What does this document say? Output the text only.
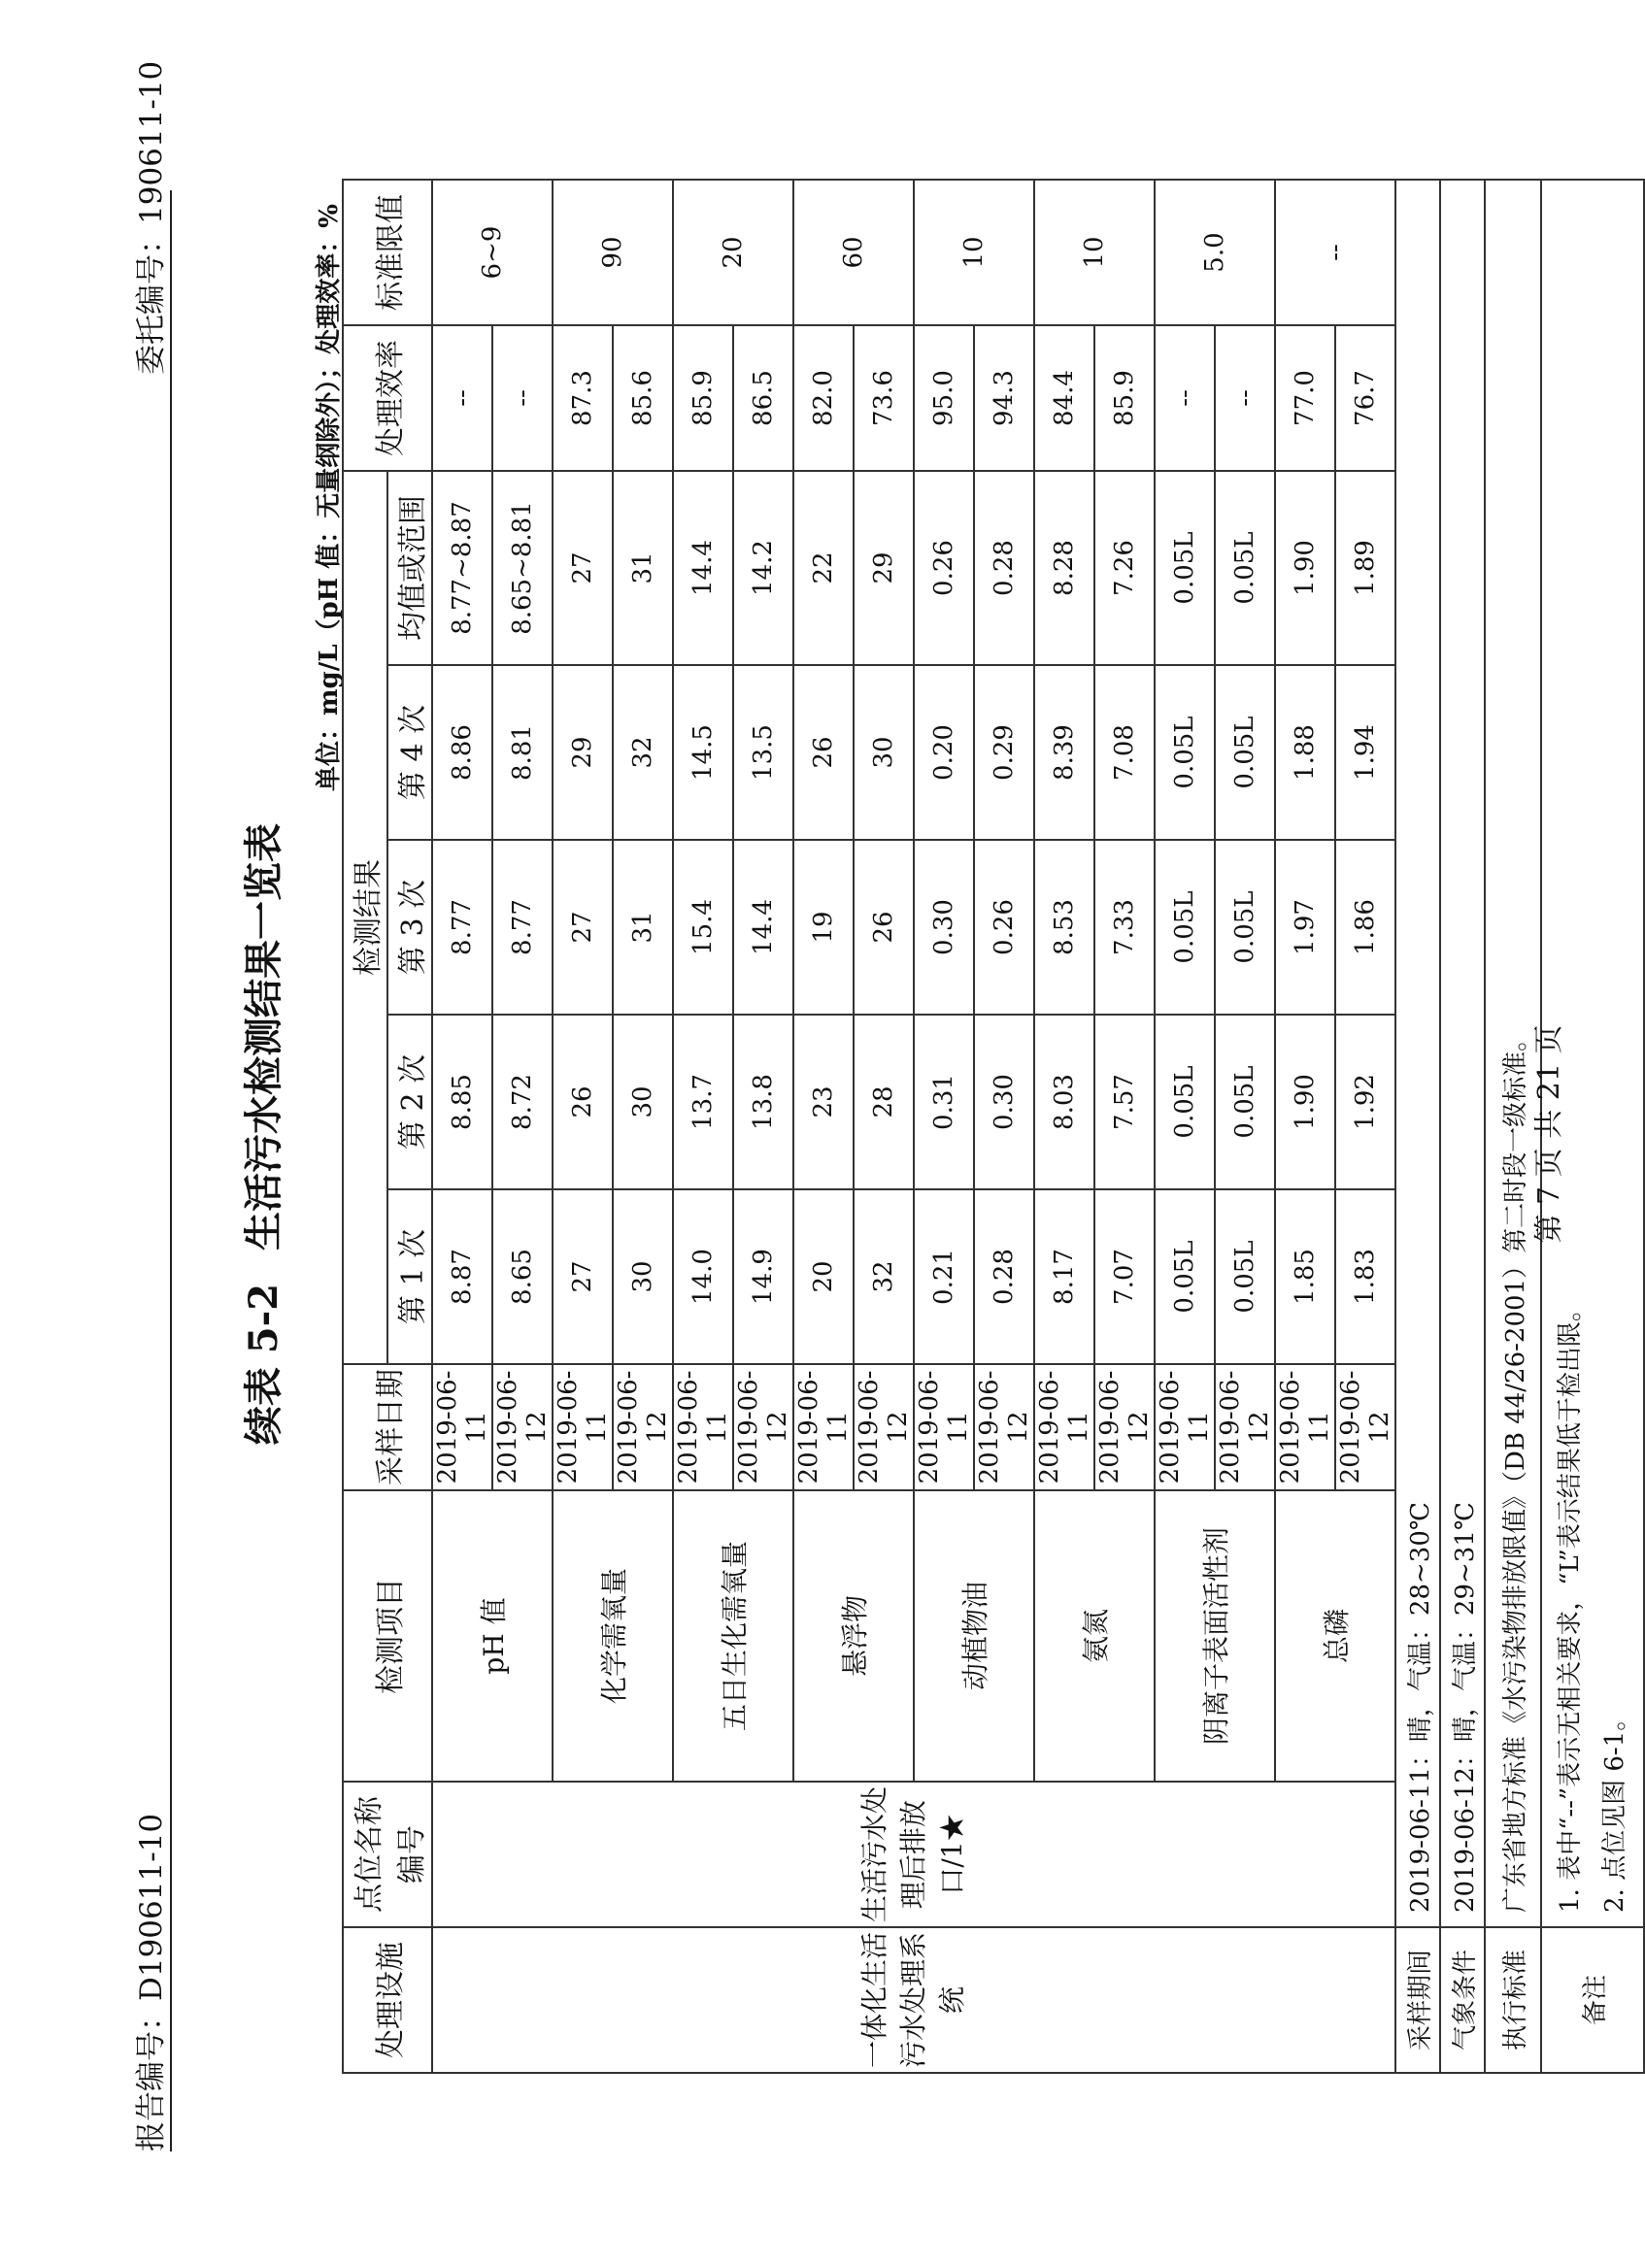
报告编号：D190611-10
委托编号：190611-10
续表 5-2 生活污水检测结果一览表
单位：mg/L（pH 值：无量纲除外）；处理效率：%
处理设施	点位名称编号	检测项目	采样日期	检测结果					处理效率	标准限值
				第 1 次	第 2 次	第 3 次	第 4 次	均值或范围		
一体化生活污水处理系统	生活污水处理后排放口/1★	pH 值	2019-06-11	8.87	8.85	8.77	8.86	8.77~8.87	--	6~9
			2019-06-12	8.65	8.72	8.77	8.81	8.65~8.81	--	
		化学需氧量	2019-06-11	27	26	27	29	27	87.3	90
			2019-06-12	30	30	31	32	31	85.6	
		五日生化需氧量	2019-06-11	14.0	13.7	15.4	14.5	14.4	85.9	20
			2019-06-12	14.9	13.8	14.4	13.5	14.2	86.5	
		悬浮物	2019-06-11	20	23	19	26	22	82.0	60
			2019-06-12	32	28	26	30	29	73.6	
		动植物油	2019-06-11	0.21	0.31	0.30	0.20	0.26	95.0	10
			2019-06-12	0.28	0.30	0.26	0.29	0.28	94.3	
		氨氮	2019-06-11	8.17	8.03	8.53	8.39	8.28	84.4	10
			2019-06-12	7.07	7.57	7.33	7.08	7.26	85.9	
		阴离子表面活性剂	2019-06-11	0.05L	0.05L	0.05L	0.05L	0.05L	--	5.0
			2019-06-12	0.05L	0.05L	0.05L	0.05L	0.05L	--	
		总磷	2019-06-11	1.85	1.90	1.97	1.88	1.90	77.0	--
			2019-06-12	1.83	1.92	1.86	1.94	1.89	76.7	
采样期间	2019-06-11：晴，气温：28~30℃									
气象条件	2019-06-12：晴，气温：29~31℃									
执行标准	广东省地方标准《水污染物排放限值》（DB 44/26-2001）第二时段一级标准。									
备注	1. 表中“--”表示无相关要求，“L”表示结果低于检出限。 2. 点位见图 6-1。									
第 7 页 共 21 页
